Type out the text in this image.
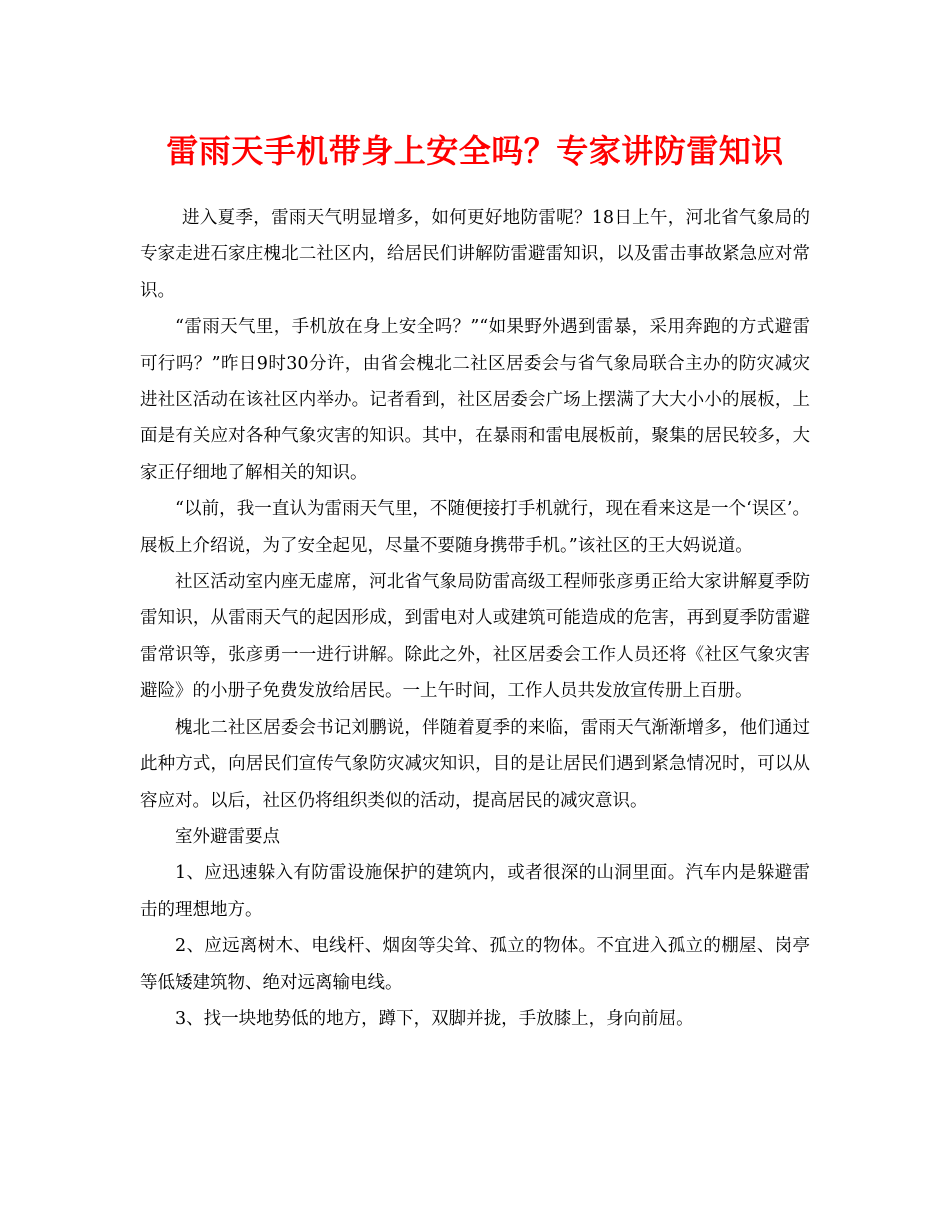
雷雨天手机带身上安全吗？专家讲防雷知识

进入夏季，雷雨天气明显增多，如何更好地防雷呢？18日上午，河北省气象局的专家走进石家庄槐北二社区内，给居民们讲解防雷避雷知识，以及雷击事故紧急应对常识。

“雷雨天气里，手机放在身上安全吗？”“如果野外遇到雷暴，采用奔跑的方式避雷可行吗？”昨日9时30分许，由省会槐北二社区居委会与省气象局联合主办的防灾减灾进社区活动在该社区内举办。记者看到，社区居委会广场上摆满了大大小小的展板，上面是有关应对各种气象灾害的知识。其中，在暴雨和雷电展板前，聚集的居民较多，大家正仔细地了解相关的知识。

“以前，我一直认为雷雨天气里，不随便接打手机就行，现在看来这是一个‘误区’。展板上介绍说，为了安全起见，尽量不要随身携带手机。”该社区的王大妈说道。

社区活动室内座无虚席，河北省气象局防雷高级工程师张彦勇正给大家讲解夏季防雷知识，从雷雨天气的起因形成，到雷电对人或建筑可能造成的危害，再到夏季防雷避雷常识等，张彦勇一一进行讲解。除此之外，社区居委会工作人员还将《社区气象灾害避险》的小册子免费发放给居民。一上午时间，工作人员共发放宣传册上百册。

槐北二社区居委会书记刘鹏说，伴随着夏季的来临，雷雨天气渐渐增多，他们通过此种方式，向居民们宣传气象防灾减灾知识，目的是让居民们遇到紧急情况时，可以从容应对。以后，社区仍将组织类似的活动，提高居民的减灾意识。

室外避雷要点

1、应迅速躲入有防雷设施保护的建筑内，或者很深的山洞里面。汽车内是躲避雷击的理想地方。

2、应远离树木、电线杆、烟囱等尖耸、孤立的物体。不宜进入孤立的棚屋、岗亭等低矮建筑物、绝对远离输电线。

3、找一块地势低的地方，蹲下，双脚并拢，手放膝上，身向前屈。
